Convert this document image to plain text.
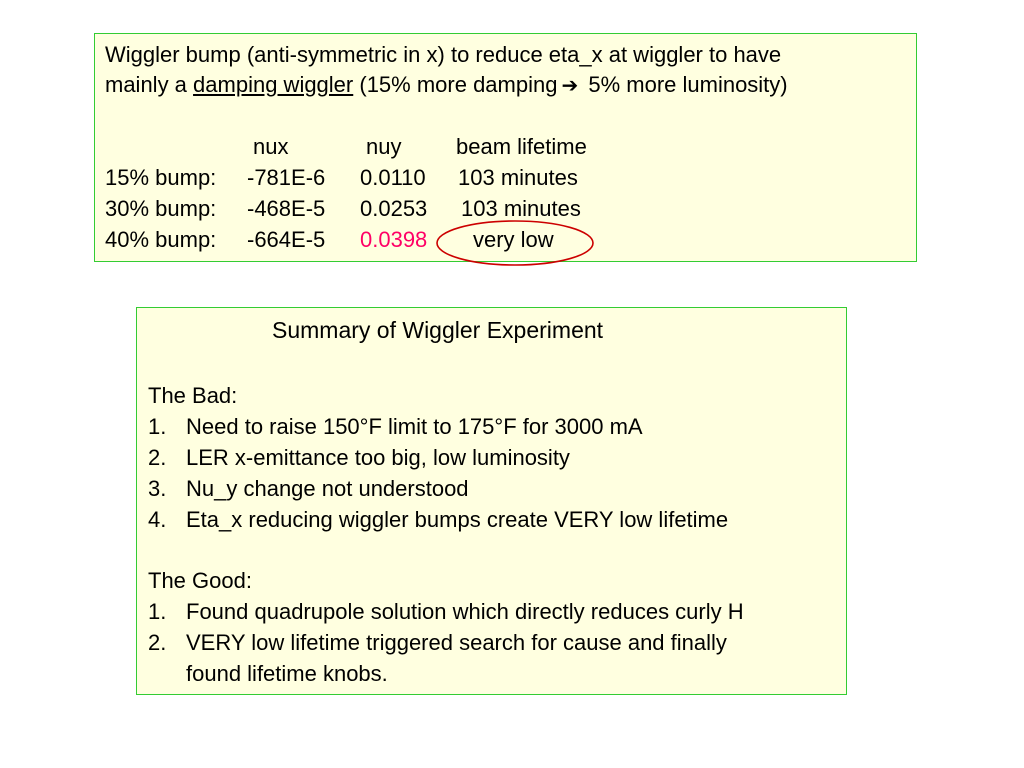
Wiggler bump (anti-symmetric in x) to reduce eta_x at wiggler to have
mainly a damping wiggler (15% more damping ➔ 5% more luminosity)
nux	nuy beam lifetime
15% bump: -781E-6 0.0110 103 minutes
30% bump: -468E-5 0.0253 103 minutes
40% bump: -664E-5 0.0398 very low
Summary of Wiggler Experiment
The Bad:
1. Need to raise 150°F limit to 175°F for 3000 mA
2. LER x-emittance too big, low luminosity
3. Nu_y change not understood
4. Eta_x reducing wiggler bumps create VERY low lifetime
The Good:
1. Found quadrupole solution which directly reduces curly H
2. VERY low lifetime triggered search for cause and finally
found lifetime knobs.
